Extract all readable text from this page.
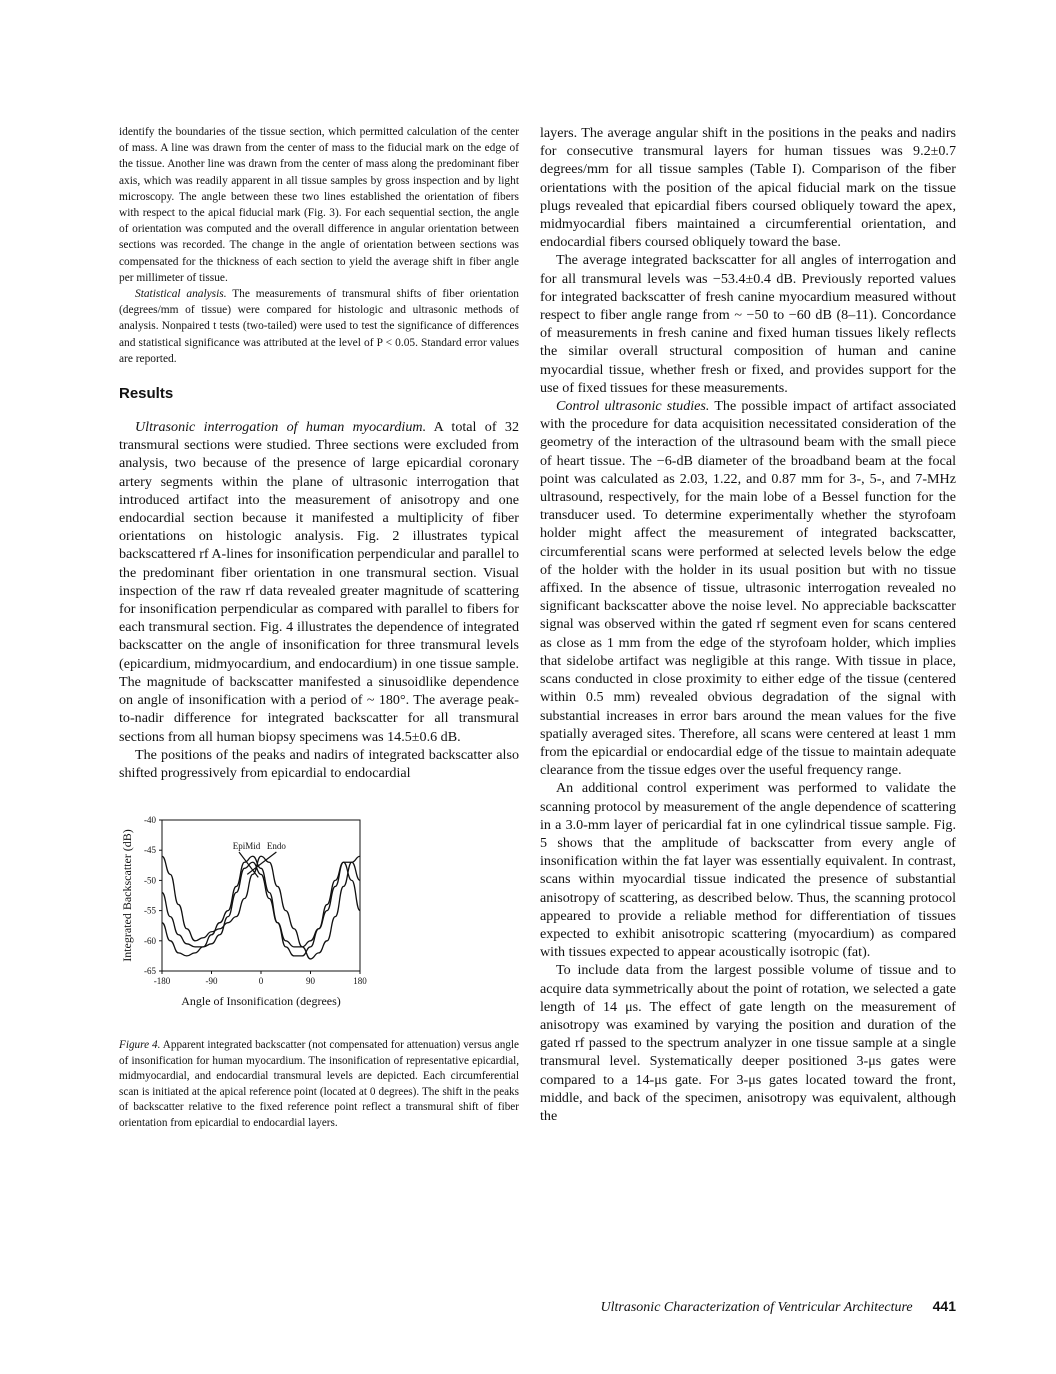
identify the boundaries of the tissue section, which permitted calculation of the center of mass. A line was drawn from the center of mass to the fiducial mark on the edge of the tissue. Another line was drawn from the center of mass along the predominant fiber axis, which was readily apparent in all tissue samples by gross inspection and by light microscopy. The angle between these two lines established the orientation of fibers with respect to the apical fiducial mark (Fig. 3). For each sequential section, the angle of orientation was computed and the overall difference in angular orientation between sections was recorded. The change in the angle of orientation between sections was compensated for the thickness of each section to yield the average shift in fiber angle per millimeter of tissue.

Statistical analysis. The measurements of transmural shifts of fiber orientation (degrees/mm of tissue) were compared for histologic and ultrasonic methods of analysis. Nonpaired t tests (two-tailed) were used to test the significance of differences and statistical significance was attributed at the level of P < 0.05. Standard error values are reported.

Results

Ultrasonic interrogation of human myocardium. A total of 32 transmural sections were studied. Three sections were excluded from analysis, two because of the presence of large epicardial coronary artery segments within the plane of ultrasonic interrogation that introduced artifact into the measurement of anisotropy and one endocardial section because it manifested a multiplicity of fiber orientations on histologic analysis. Fig. 2 illustrates typical backscattered rf A-lines for insonification perpendicular and parallel to the predominant fiber orientation in one transmural section. Visual inspection of the raw rf data revealed greater magnitude of scattering for insonification perpendicular as compared with parallel to fibers for each transmural section. Fig. 4 illustrates the dependence of integrated backscatter on the angle of insonification for three transmural levels (epicardium, midmyocardium, and endocardium) in one tissue sample. The magnitude of backscatter manifested a sinusoidlike dependence on angle of insonification with a period of ~ 180°. The average peak-to-nadir difference for integrated backscatter for all transmural sections from all human biopsy specimens was 14.5±0.6 dB.

The positions of the peaks and nadirs of integrated backscatter also shifted progressively from epicardial to endocardial

-180	-90	0	90	180
-40
-45
-50
-55
-60
-65
Epi Mid Endo
Angle of Insonification (degrees)
Integrated Backscatter (dB)

Figure 4. Apparent integrated backscatter (not compensated for attenuation) versus angle of insonification for human myocardium. The insonification of representative epicardial, midmyocardial, and endocardial transmural levels are depicted. Each circumferential scan is initiated at the apical reference point (located at 0 degrees). The shift in the peaks of backscatter relative to the fixed reference point reflect a transmural shift of fiber orientation from epicardial to endocardial layers.

layers. The average angular shift in the positions in the peaks and nadirs for consecutive transmural layers for human tissues was 9.2±0.7 degrees/mm for all tissue samples (Table I). Comparison of the fiber orientations with the position of the apical fiducial mark on the tissue plugs revealed that epicardial fibers coursed obliquely toward the apex, midmyocardial fibers maintained a circumferential orientation, and endocardial fibers coursed obliquely toward the base.

The average integrated backscatter for all angles of interrogation and for all transmural levels was −53.4±0.4 dB. Previously reported values for integrated backscatter of fresh canine myocardium measured without respect to fiber angle range from ~ −50 to −60 dB (8–11). Concordance of measurements in fresh canine and fixed human tissues likely reflects the similar overall structural composition of human and canine myocardial tissue, whether fresh or fixed, and provides support for the use of fixed tissues for these measurements.

Control ultrasonic studies. The possible impact of artifact associated with the procedure for data acquisition necessitated consideration of the geometry of the interaction of the ultrasound beam with the small piece of heart tissue. The −6-dB diameter of the broadband beam at the focal point was calculated as 2.03, 1.22, and 0.87 mm for 3-, 5-, and 7-MHz ultrasound, respectively, for the main lobe of a Bessel function for the transducer used. To determine experimentally whether the styrofoam holder might affect the measurement of integrated backscatter, circumferential scans were performed at selected levels below the edge of the holder with the holder in its usual position but with no tissue affixed. In the absence of tissue, ultrasonic interrogation revealed no significant backscatter above the noise level. No appreciable backscatter signal was observed within the gated rf segment even for scans centered as close as 1 mm from the edge of the styrofoam holder, which implies that sidelobe artifact was negligible at this range. With tissue in place, scans conducted in close proximity to either edge of the tissue (centered within 0.5 mm) revealed obvious degradation of the signal with substantial increases in error bars around the mean values for the five spatially averaged sites. Therefore, all scans were centered at least 1 mm from the epicardial or endocardial edge of the tissue to maintain adequate clearance from the tissue edges over the useful frequency range.

An additional control experiment was performed to validate the scanning protocol by measurement of the angle dependence of scattering in a 3.0-mm layer of pericardial fat in one cylindrical tissue sample. Fig. 5 shows that the amplitude of backscatter from every angle of insonification within the fat layer was essentially equivalent. In contrast, scans within myocardial tissue indicated the presence of substantial anisotropy of scattering, as described below. Thus, the scanning protocol appeared to provide a reliable method for differentiation of tissues expected to exhibit anisotropic scattering (myocardium) as compared with tissues expected to appear acoustically isotropic (fat).

To include data from the largest possible volume of tissue and to acquire data symmetrically about the point of rotation, we selected a gate length of 14 μs. The effect of gate length on the measurement of anisotropy was examined by varying the position and duration of the gated rf passed to the spectrum analyzer in one tissue sample at a single transmural level. Systematically deeper positioned 3-μs gates were compared to a 14-μs gate. For 3-μs gates located toward the front, middle, and back of the specimen, anisotropy was equivalent, although the

Ultrasonic Characterization of Ventricular Architecture 441
